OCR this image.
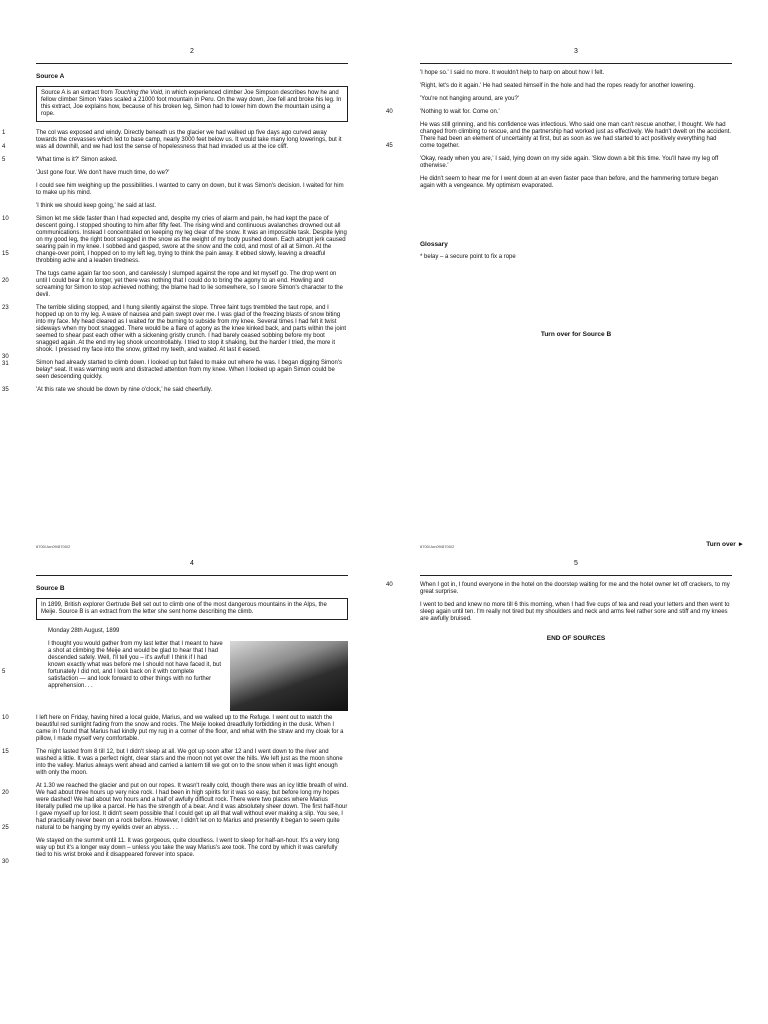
2
Source A
Source A is an extract from Touching the Void, in which experienced climber Joe Simpson describes how he and fellow climber Simon Yates scaled a 21000 foot mountain in Peru. On the way down, Joe fell and broke his leg. In this extract, Joe explains how, because of his broken leg, Simon had to lower him down the mountain using a rope.
1
4
The col was exposed and windy. Directly beneath us the glacier we had walked up five days ago curved away towards the crevasses which led to base camp, nearly 3000 feet below us. It would take many long lowerings, but it was all downhill, and we had lost the sense of hopelessness that had invaded us at the ice cliff.
5	'What time is it?' Simon asked.
'Just gone four. We don't have much time, do we?'
I could see him weighing up the possibilities. I wanted to carry on down, but it was Simon's decision. I waited for him to make up his mind.
'I think we should keep going,' he said at last.
10
15
Simon let me slide faster than I had expected and, despite my cries of alarm and pain, he had kept the pace of descent going. I stopped shouting to him after fifty feet. The rising wind and continuous avalanches drowned out all communications. Instead I concentrated on keeping my leg clear of the snow. It was an impossible task. Despite lying on my good leg, the right boot snagged in the snow as the weight of my body pushed down. Each abrupt jerk caused searing pain in my knee. I sobbed and gasped, swore at the snow and the cold, and most of all at Simon. At the change-over point, I hopped on to my left leg, trying to think the pain away. It ebbed slowly, leaving a dreadful throbbing ache and a leaden tiredness.
20
The tugs came again far too soon, and carelessly I slumped against the rope and let myself go. The drop went on until I could bear it no longer, yet there was nothing that I could do to bring the agony to an end. Howling and screaming for Simon to stop achieved nothing; the blame had to lie somewhere, so I swore Simon's character to the devil.
23
30
31
The terrible sliding stopped, and I hung silently against the slope. Three faint tugs trembled the taut rope, and I hopped up on to my leg. A wave of nausea and pain swept over me. I was glad of the freezing blasts of snow biting into my face. My head cleared as I waited for the burning to subside from my knee. Several times I had felt it twist sideways when my boot snagged. There would be a flare of agony as the knee kinked back, and parts within the joint seemed to shear past each other with a sickening gristly crunch. I had barely ceased sobbing before my boot snagged again. At the end my leg shook uncontrollably. I tried to stop it shaking, but the harder I tried, the more it shook. I pressed my face into the snow, gritted my teeth, and waited. At last it eased.
Simon had already started to climb down. I looked up but failed to make out where he was. I began digging Simon's belay* seat. It was warming work and distracted attention from my knee. When I looked up again Simon could be seen descending quickly.
35	'At this rate we should be down by nine o'clock,' he said cheerfully.
8700/Jun09/8700/2
3
'I hope so.' I said no more. It wouldn't help to harp on about how I felt.
'Right, let's do it again.' He had seated himself in the hole and had the ropes ready for another lowering.
'You're not hanging around, are you?'
40	'Nothing to wait for. Come on.'
45
He was still grinning, and his confidence was infectious. Who said one man can't rescue another, I thought. We had changed from climbing to rescue, and the partnership had worked just as effectively. We hadn't dwelt on the accident. There had been an element of uncertainty at first, but as soon as we had started to act positively everything had come together.
'Okay, ready when you are,' I said, lying down on my side again. 'Slow down a bit this time. You'll have my leg off otherwise.'
He didn't seem to hear me for I went down at an even faster pace than before, and the hammering torture began again with a vengeance. My optimism evaporated.
Glossary
* belay – a secure point to fix a rope
Turn over for Source B
8700/Jun09/8700/2	Turn over ►
4
Source B
In 1899, British explorer Gertrude Bell set out to climb one of the most dangerous mountains in the Alps, the Meije. Source B is an extract from the letter she sent home describing the climb.
Monday 28th August, 1899
5
I thought you would gather from my last letter that I meant to have a shot at climbing the Meije and would be glad to hear that I had descended safely. Well, I'll tell you – it's awful! I think if I had known exactly what was before me I should not have faced it, but fortunately I did not, and I look back on it with complete satisfaction — and look forward to other things with no further apprehension. . .
10	I left here on Friday, having hired a local guide, Marius, and we walked up to the Refuge. I went out to watch the beautiful red sunlight fading from the snow and rocks. The Meije looked dreadfully forbidding in the dusk. When I came in I found that Marius had kindly put my rug in a corner of the floor, and what with the straw and my cloak for a pillow, I made myself very comfortable.
15	The night lasted from 8 till 12, but I didn't sleep at all. We got up soon after 12 and I went down to the river and washed a little. It was a perfect night, clear stars and the moon not yet over the hills. We left just as the moon shone into the valley. Marius always went ahead and carried a lantern till we got on to the snow when it was light enough with only the moon.
20
25
At 1.30 we reached the glacier and put on our ropes. It wasn't really cold, though there was an icy little breath of wind. We had about three hours up very nice rock. I had been in high spirits for it was so easy, but before long my hopes were dashed! We had about two hours and a half of awfully difficult rock. There were two places where Marius literally pulled me up like a parcel. He has the strength of a bear. And it was absolutely sheer down. The first half-hour I gave myself up for lost. It didn't seem possible that I could get up all that wall without ever making a slip. You see, I had practically never been on a rock before. However, I didn't let on to Marius and presently it began to seem quite natural to be hanging by my eyelids over an abyss. . .
30
We stayed on the summit until 11. It was gorgeous, quite cloudless. I went to sleep for half-an-hour. It's a very long way up but it's a longer way down – unless you take the way Marius's axe took. The cord by which it was carefully tied to his wrist broke and it disappeared forever into space.
5
40	When I got in, I found everyone in the hotel on the doorstep waiting for me and the hotel owner let off crackers, to my great surprise.
I went to bed and knew no more till 6 this morning, when I had five cups of tea and read your letters and then went to sleep again until ten. I'm really not tired but my shoulders and neck and arms feel rather sore and stiff and my knees are awfully bruised.
END OF SOURCES
